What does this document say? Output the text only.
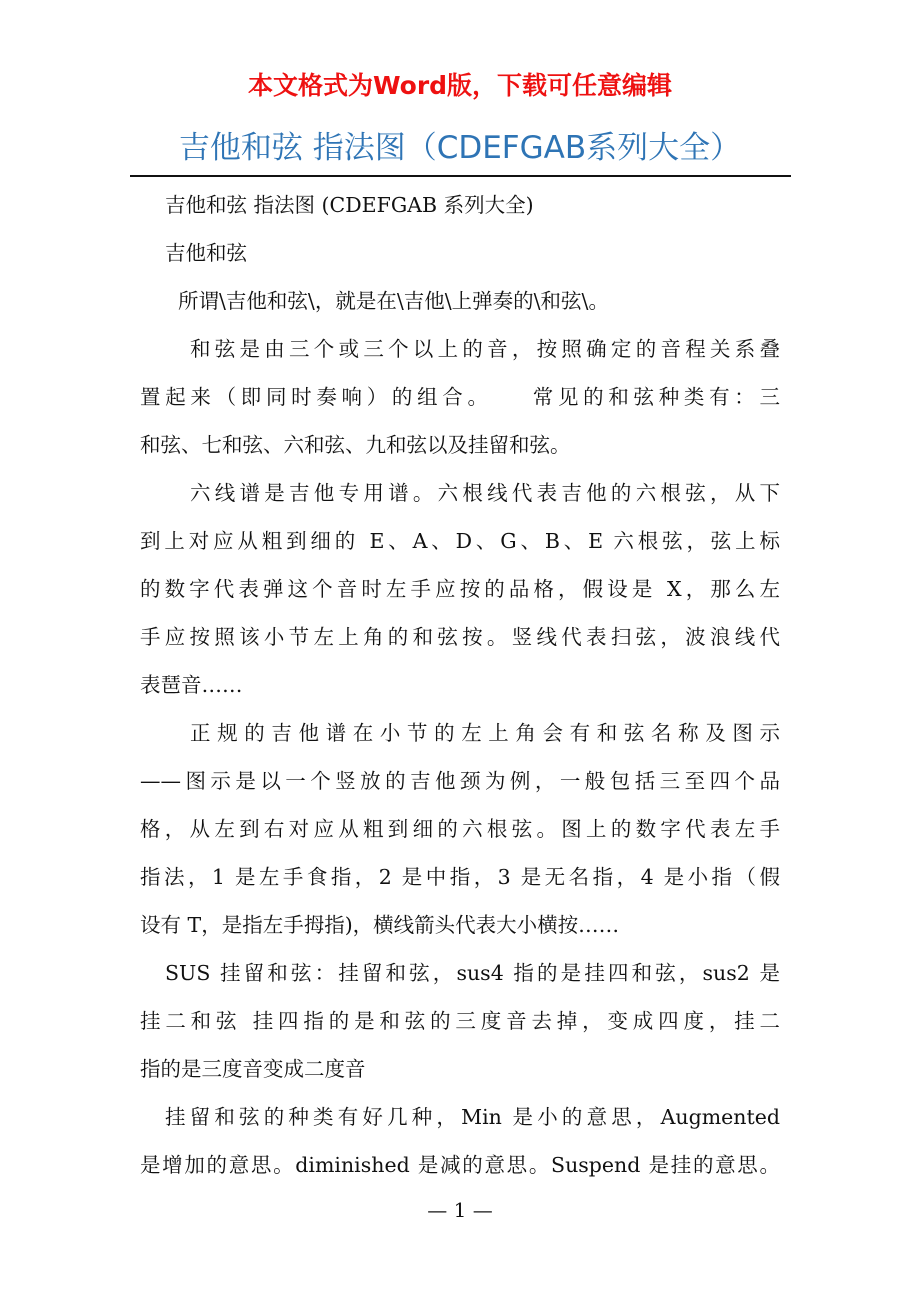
本文格式为Word版，下载可任意编辑
吉他和弦 指法图（CDEFGAB系列大全）
吉他和弦 指法图 (CDEFGAB 系列大全)
吉他和弦
所谓\吉他和弦\，就是在\吉他\上弹奏的\和弦\。
和弦是由三个或三个以上的音，按照确定的音程关系叠
置起来（即同时奏响）的组合。　　常见的和弦种类有：三
和弦、七和弦、六和弦、九和弦以及挂留和弦。
六线谱是吉他专用谱。六根线代表吉他的六根弦，从下
到上对应从粗到细的 E、A、D、G、B、E 六根弦，弦上标
的数字代表弹这个音时左手应按的品格，假设是 X，那么左
手应按照该小节左上角的和弦按。竖线代表扫弦，波浪线代
表琶音……
正规的吉他谱在小节的左上角会有和弦名称及图示
——图示是以一个竖放的吉他颈为例，一般包括三至四个品
格，从左到右对应从粗到细的六根弦。图上的数字代表左手
指法，1 是左手食指，2 是中指，3 是无名指，4 是小指（假
设有 T，是指左手拇指)，横线箭头代表大小横按……
SUS 挂留和弦：挂留和弦，sus4 指的是挂四和弦，sus2 是
挂二和弦 挂四指的是和弦的三度音去掉，变成四度，挂二
指的是三度音变成二度音
挂留和弦的种类有好几种，Min 是小的意思，Augmented
是增加的意思。diminished 是减的意思。Suspend 是挂的意思。
— 1 —
